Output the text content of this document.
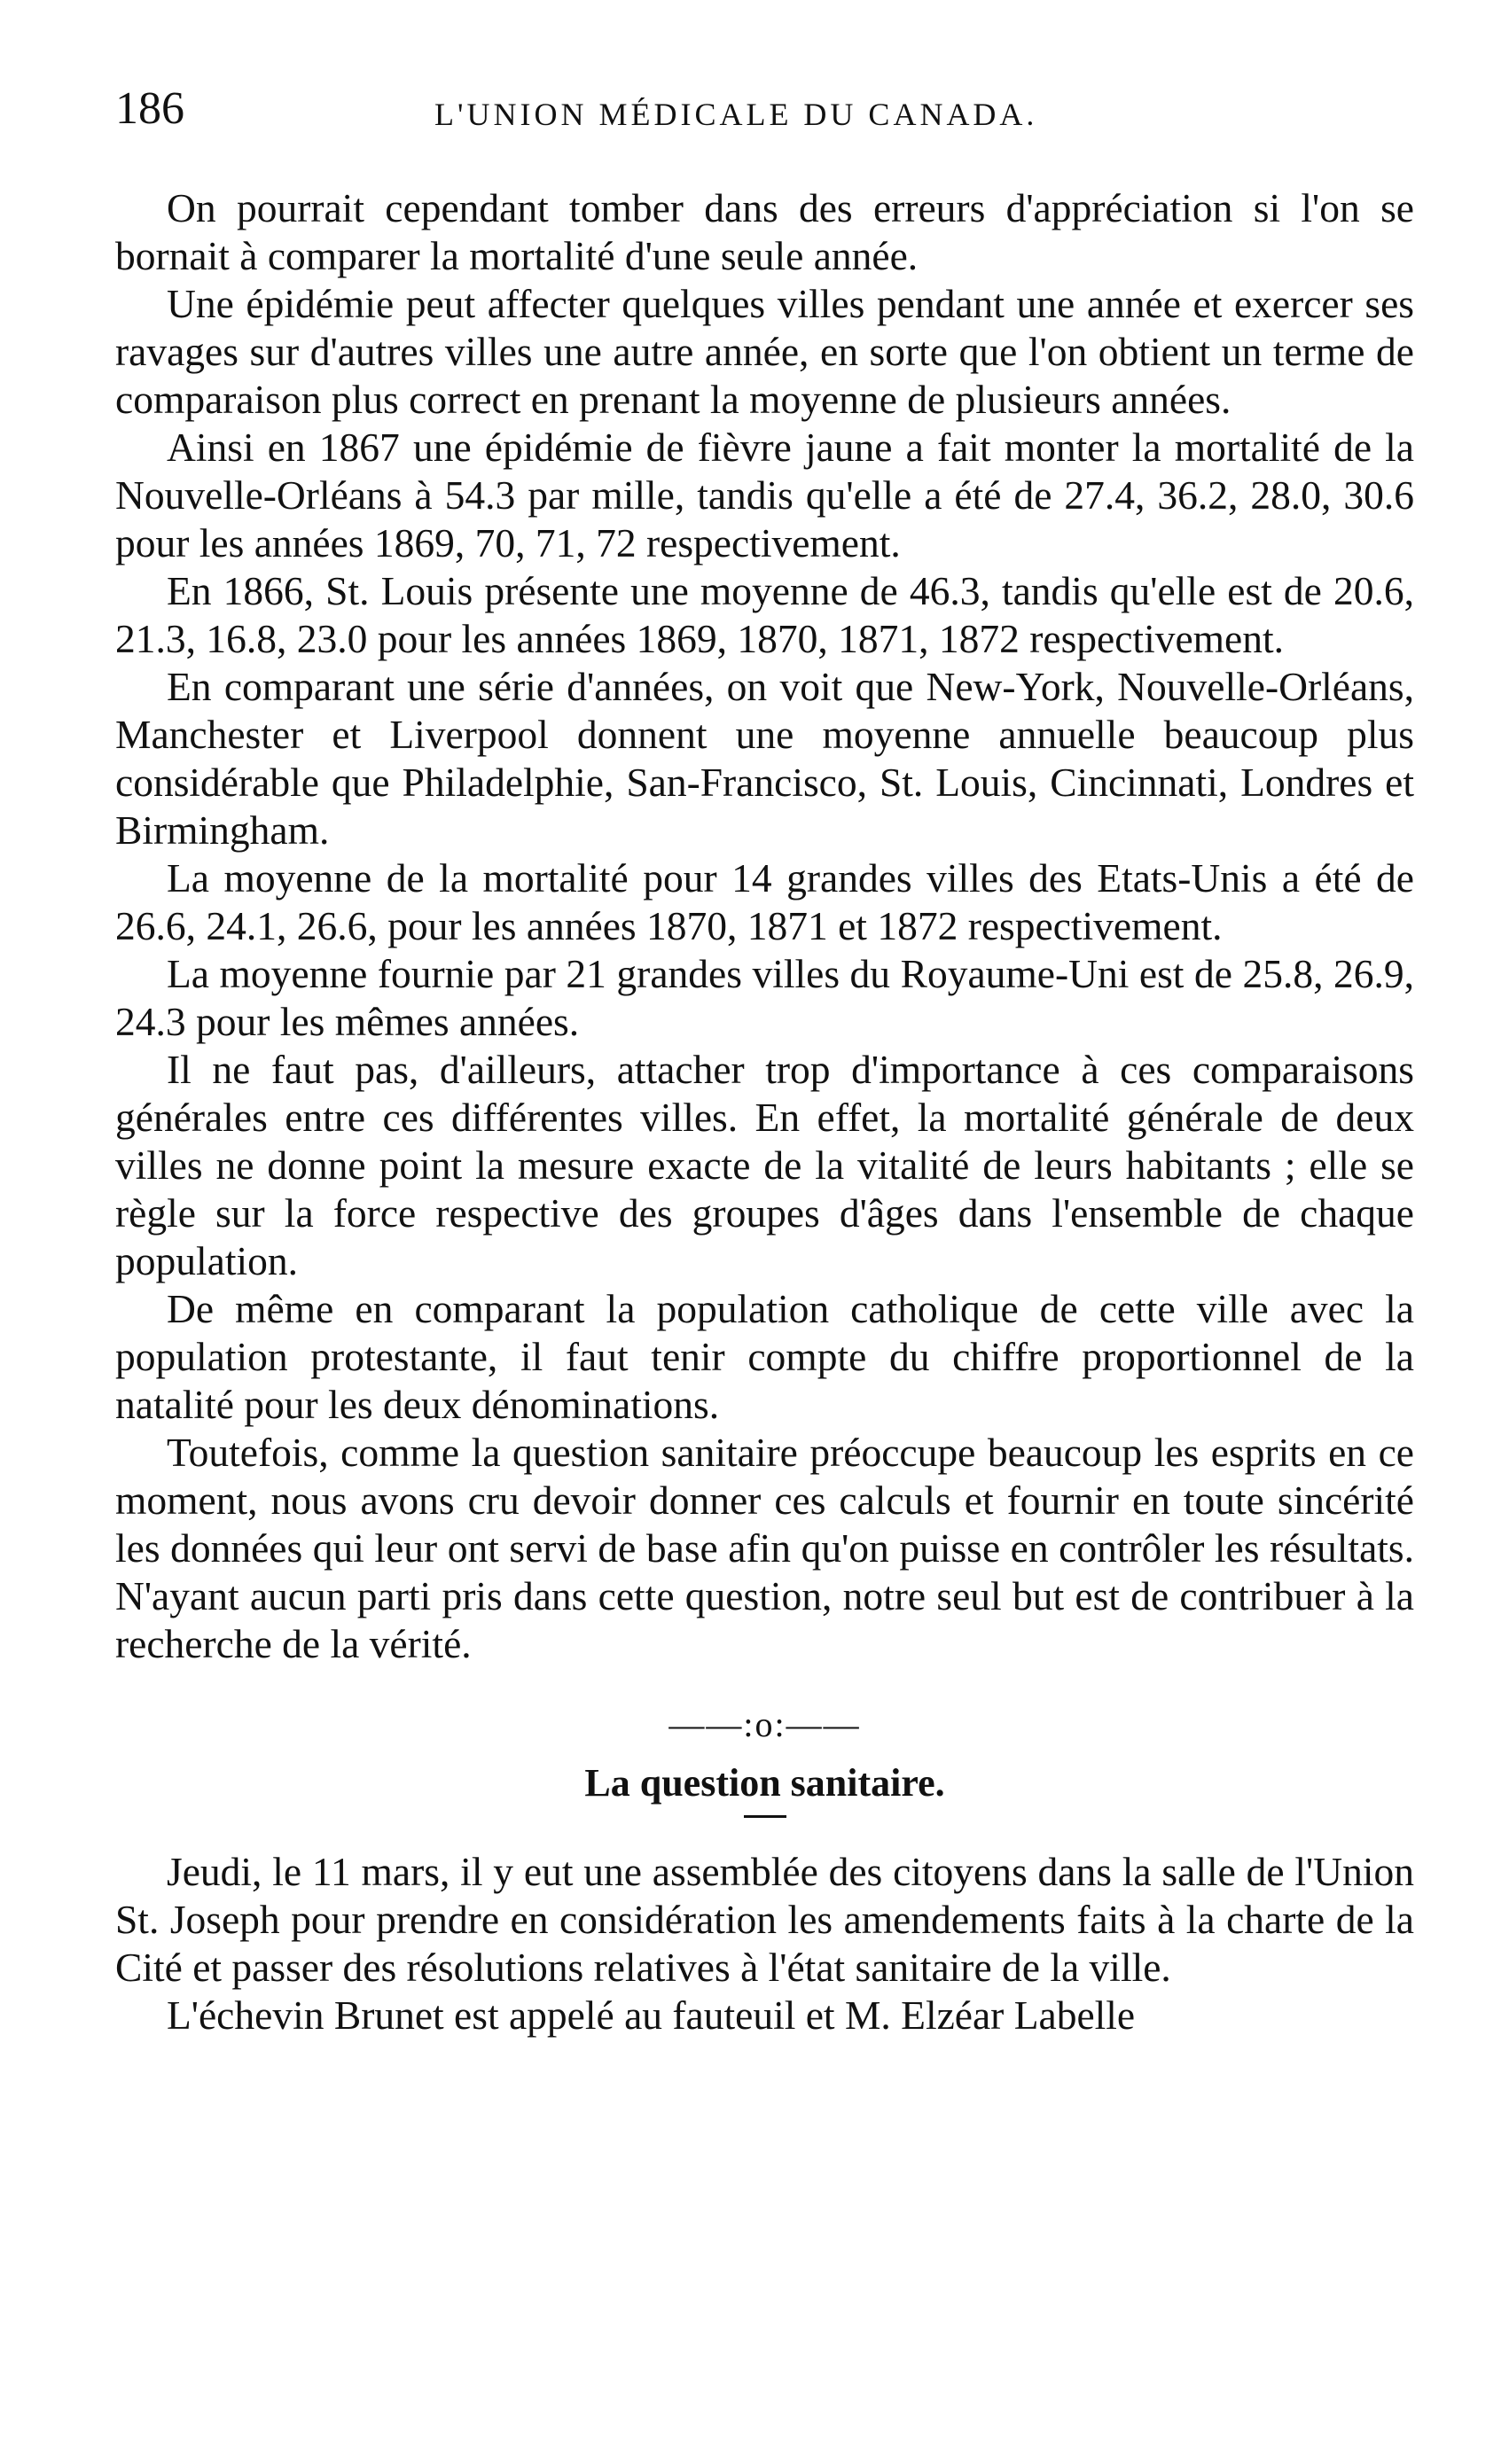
186	L'UNION MÉDICALE DU CANADA.

On pourrait cependant tomber dans des erreurs d'appréciation si l'on se bornait à comparer la mortalité d'une seule année.

Une épidémie peut affecter quelques villes pendant une année et exercer ses ravages sur d'autres villes une autre année, en sorte que l'on obtient un terme de comparaison plus correct en prenant la moyenne de plusieurs années.

Ainsi en 1867 une épidémie de fièvre jaune a fait monter la mortalité de la Nouvelle-Orléans à 54.3 par mille, tandis qu'elle a été de 27.4, 36.2, 28.0, 30.6 pour les années 1869, 70, 71, 72 respectivement.

En 1866, St. Louis présente une moyenne de 46.3, tandis qu'elle est de 20.6, 21.3, 16.8, 23.0 pour les années 1869, 1870, 1871, 1872 respectivement.

En comparant une série d'années, on voit que New-York, Nouvelle-Orléans, Manchester et Liverpool donnent une moyenne annuelle beaucoup plus considérable que Philadelphie, San-Francisco, St. Louis, Cincinnati, Londres et Birmingham.

La moyenne de la mortalité pour 14 grandes villes des Etats-Unis a été de 26.6, 24.1, 26.6, pour les années 1870, 1871 et 1872 respectivement.

La moyenne fournie par 21 grandes villes du Royaume-Uni est de 25.8, 26.9, 24.3 pour les mêmes années.

Il ne faut pas, d'ailleurs, attacher trop d'importance à ces comparaisons générales entre ces différentes villes. En effet, la mortalité générale de deux villes ne donne point la mesure exacte de la vitalité de leurs habitants ; elle se règle sur la force respective des groupes d'âges dans l'ensemble de chaque population.

De même en comparant la population catholique de cette ville avec la population protestante, il faut tenir compte du chiffre proportionnel de la natalité pour les deux dénominations.

Toutefois, comme la question sanitaire préoccupe beaucoup les esprits en ce moment, nous avons cru devoir donner ces calculs et fournir en toute sincérité les données qui leur ont servi de base afin qu'on puisse en contrôler les résultats. N'ayant aucun parti pris dans cette question, notre seul but est de contribuer à la recherche de la vérité.

——:o:——
La question sanitaire.

Jeudi, le 11 mars, il y eut une assemblée des citoyens dans la salle de l'Union St. Joseph pour prendre en considération les amendements faits à la charte de la Cité et passer des résolutions relatives à l'état sanitaire de la ville.

L'échevin Brunet est appelé au fauteuil et M. Elzéar Labelle
